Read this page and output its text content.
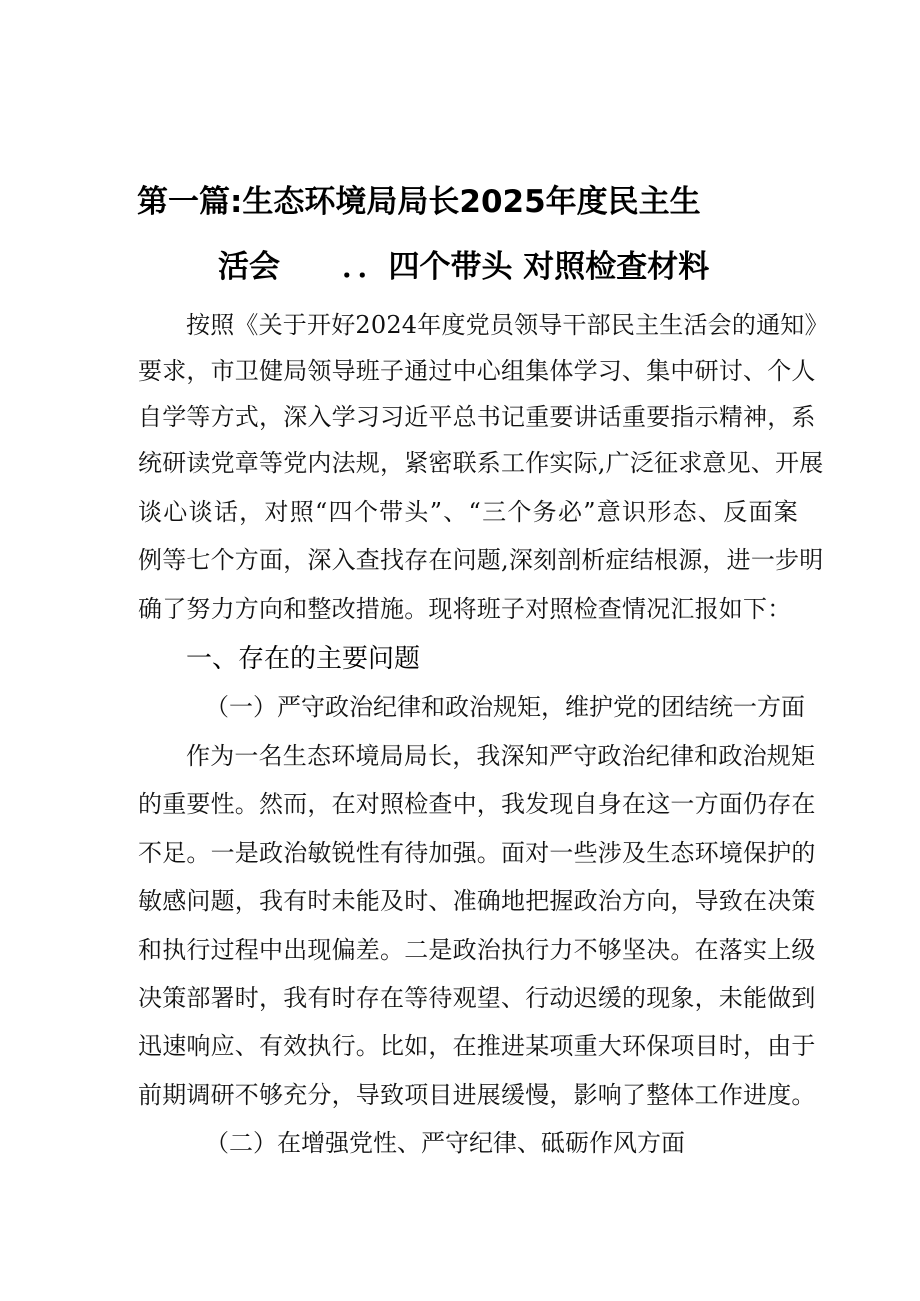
第一篇:生态环境局局长2025年度民主生
活会　　．．四个带头 对照检查材料
按照《关于开好2024年度党员领导干部民主生活会的通知》
要求，市卫健局领导班子通过中心组集体学习、集中研讨、个人
自学等方式，深入学习习近平总书记重要讲话重要指示精神，系
统研读党章等党内法规，紧密联系工作实际,广泛征求意见、开展
谈心谈话，对照“四个带头”、“三个务必”意识形态、反面案
例等七个方面，深入查找存在问题,深刻剖析症结根源，进一步明
确了努力方向和整改措施。现将班子对照检查情况汇报如下：
一、存在的主要问题
（一）严守政治纪律和政治规矩，维护党的团结统一方面
作为一名生态环境局局长，我深知严守政治纪律和政治规矩
的重要性。然而，在对照检查中，我发现自身在这一方面仍存在
不足。一是政治敏锐性有待加强。面对一些涉及生态环境保护的
敏感问题，我有时未能及时、准确地把握政治方向，导致在决策
和执行过程中出现偏差。二是政治执行力不够坚决。在落实上级
决策部署时，我有时存在等待观望、行动迟缓的现象，未能做到
迅速响应、有效执行。比如，在推进某项重大环保项目时，由于
前期调研不够充分，导致项目进展缓慢，影响了整体工作进度。
（二）在增强党性、严守纪律、砥砺作风方面
